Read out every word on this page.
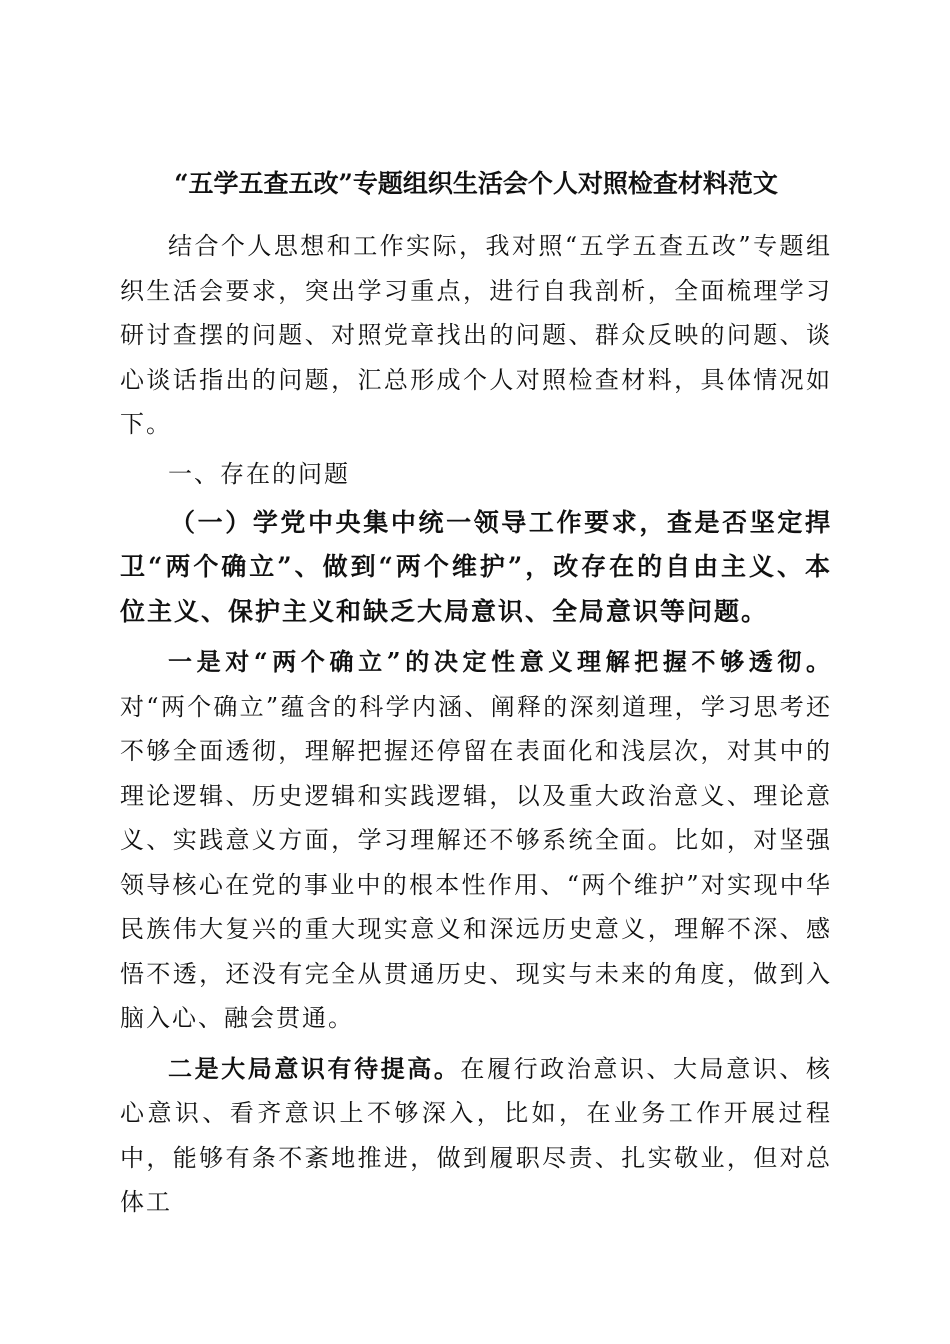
“五学五查五改”专题组织生活会个人对照检查材料范文

结合个人思想和工作实际，我对照“五学五查五改”专题组织生活会要求，突出学习重点，进行自我剖析，全面梳理学习研讨查摆的问题、对照党章找出的问题、群众反映的问题、谈心谈话指出的问题，汇总形成个人对照检查材料，具体情况如下。

一、存在的问题

（一）学党中央集中统一领导工作要求，查是否坚定捍卫“两个确立”、做到“两个维护”，改存在的自由主义、本位主义、保护主义和缺乏大局意识、全局意识等问题。

一是对“两个确立”的决定性意义理解把握不够透彻。对“两个确立”蕴含的科学内涵、阐释的深刻道理，学习思考还不够全面透彻，理解把握还停留在表面化和浅层次，对其中的理论逻辑、历史逻辑和实践逻辑，以及重大政治意义、理论意义、实践意义方面，学习理解还不够系统全面。比如，对坚强领导核心在党的事业中的根本性作用、“两个维护”对实现中华民族伟大复兴的重大现实意义和深远历史意义，理解不深、感悟不透，还没有完全从贯通历史、现实与未来的角度，做到入脑入心、融会贯通。

二是大局意识有待提高。在履行政治意识、大局意识、核心意识、看齐意识上不够深入，比如，在业务工作开展过程中，能够有条不紊地推进，做到履职尽责、扎实敬业，但对总体工
